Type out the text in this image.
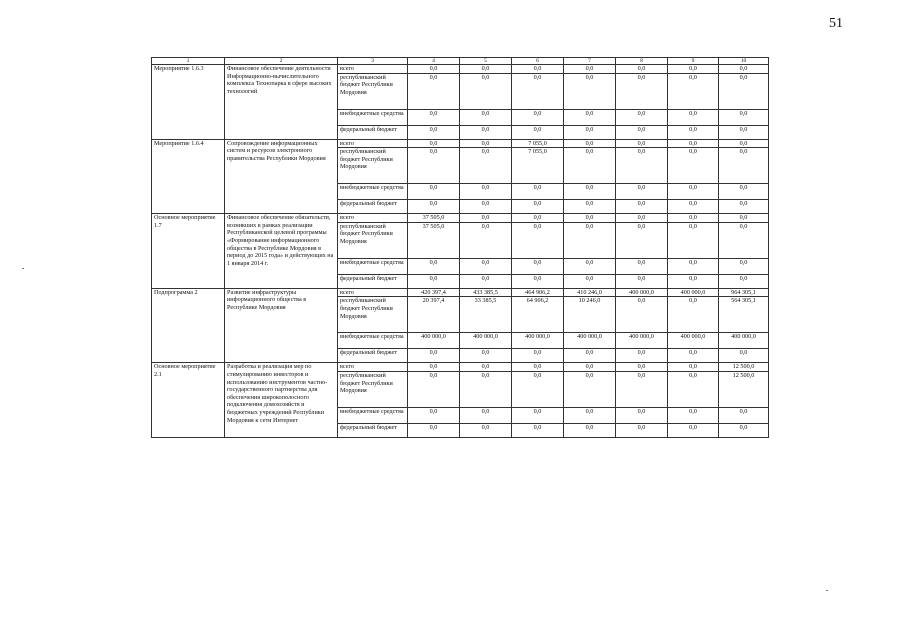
51
1	2	3	4	5	6	7	8	9	10
Мероприятие 1.6.3	Финансовое обеспечение деятельности Информационно-вычислительного комплекса Технопарка в сфере высоких технологий	всего	0,0	0,0	0,0	0,0	0,0	0,0	0,0
		республиканский бюджет Республики Мордовия	0,0	0,0	0,0	0,0	0,0	0,0	0,0
		внебюджетные средства	0,0	0,0	0,0	0,0	0,0	0,0	0,0
		федеральный бюджет	0,0	0,0	0,0	0,0	0,0	0,0	0,0
Мероприятие 1.6.4	Сопровождение информационных систем и ресурсов электронного правительства Республики Мордовия	всего	0,0	0,0	7 055,0	0,0	0,0	0,0	0,0
		республиканский бюджет Республики Мордовия	0,0	0,0	7 055,0	0,0	0,0	0,0	0,0
		внебюджетные средства	0,0	0,0	0,0	0,0	0,0	0,0	0,0
		федеральный бюджет	0,0	0,0	0,0	0,0	0,0	0,0	0,0
Основное мероприятие 1.7	Финансовое обеспечение обязательств, возникших в рамках реализации Республиканской целевой программы «Формирование информационного общества в Республике Мордовия в период до 2015 года» и действующих на 1 января 2014 г.	всего	37 505,0	0,0	0,0	0,0	0,0	0,0	0,0
		республиканский бюджет Республики Мордовия	37 505,0	0,0	0,0	0,0	0,0	0,0	0,0
		внебюджетные средства	0,0	0,0	0,0	0,0	0,0	0,0	0,0
		федеральный бюджет	0,0	0,0	0,0	0,0	0,0	0,0	0,0
Подпрограмма 2	Развитие инфраструктуры информационного общества в Республике Мордовия	всего	420 397,4	433 385,5	464 906,2	410 246,0	400 000,0	400 000,0	964 305,1
		республиканский бюджет Республики Мордовия	20 397,4	33 385,5	64 906,2	10 246,0	0,0	0,0	564 305,1
		внебюджетные средства	400 000,0	400 000,0	400 000,0	400 000,0	400 000,0	400 000,0	400 000,0
		федеральный бюджет	0,0	0,0	0,0	0,0	0,0	0,0	0,0
Основное мероприятие 2.1	Разработка и реализация мер по стимулированию инвесторов и использованию инструментов частно-государственного партнерства для обеспечения широкополосного подключения домохозяйств и бюджетных учреждений Республики Мордовия к сети Интернет	всего	0,0	0,0	0,0	0,0	0,0	0,0	12 500,0
		республиканский бюджет Республики Мордовия	0,0	0,0	0,0	0,0	0,0	0,0	12 500,0
		внебюджетные средства	0,0	0,0	0,0	0,0	0,0	0,0	0,0
		федеральный бюджет	0,0	0,0	0,0	0,0	0,0	0,0	0,0
